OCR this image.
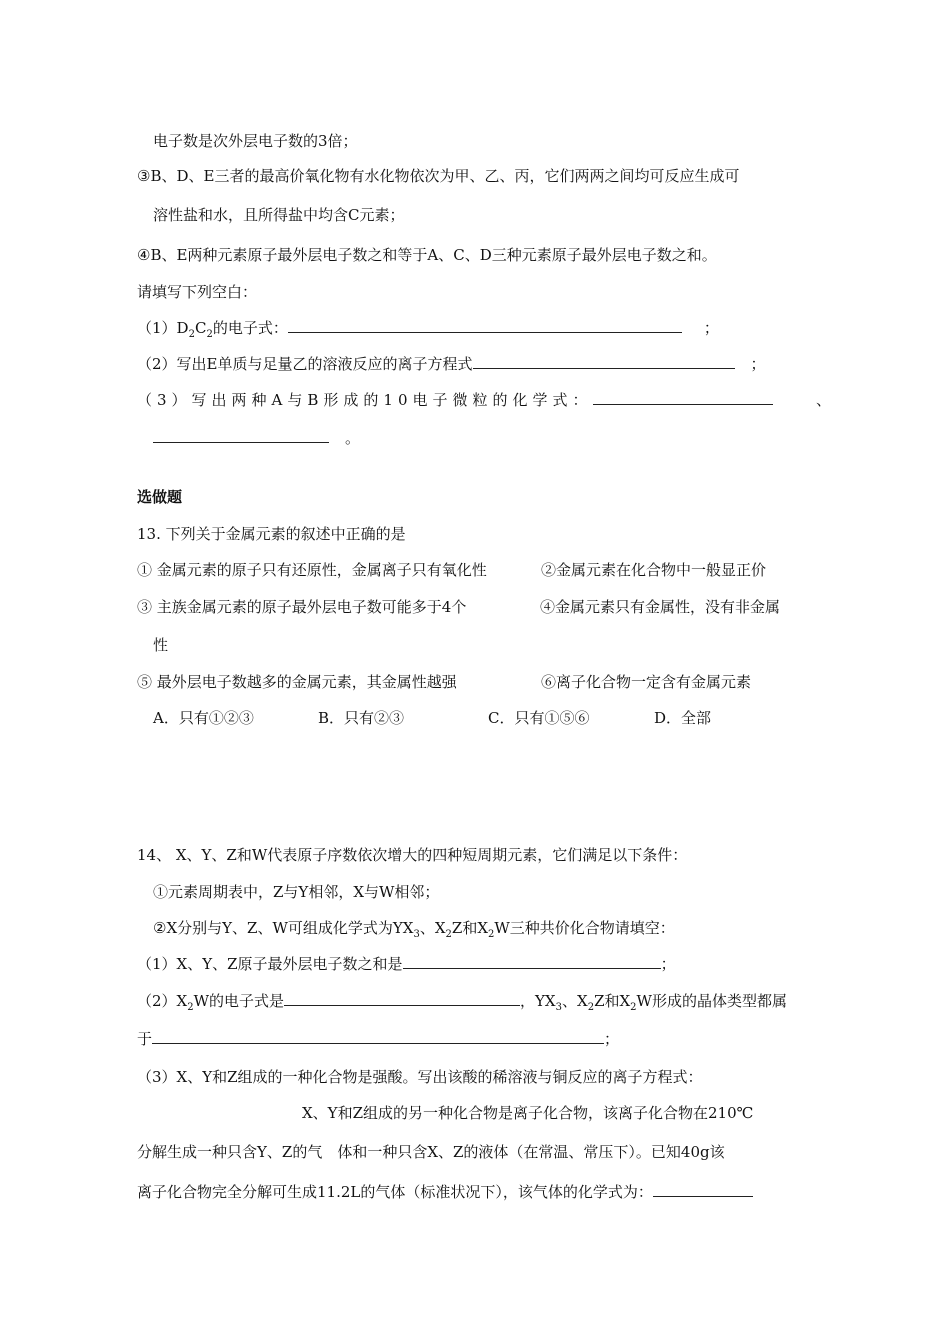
电子数是次外层电子数的3倍；
③B、D、E三者的最高价氧化物有水化物依次为甲、乙、丙，它们两两之间均可反应生成可
溶性盐和水，且所得盐中均含C元素；
④B、E两种元素原子最外层电子数之和等于A、C、D三种元素原子最外层电子数之和。
请填写下列空白：
$(1)D_2C_2$的电子式：	；
（2）写出E单质与足量乙的溶液反应的离子方程式	；
（3）写出两种A与B形成的10电子微粒的化学式：	、
。
选做题
13. 下列关于金属元素的叙述中正确的是
① 金属元素的原子只有还原性，金属离子只有氧化性	②金属元素在化合物中一般显正价
③ 主族金属元素的原子最外层电子数可能多于4个	④金属元素只有金属性，没有非金属
性
⑤ 最外层电子数越多的金属元素，其金属性越强	⑥离子化合物一定含有金属元素
A．只有①②③	B．只有②③	C．只有①⑤⑥	D．全部
14、 X、Y、Z和W代表原子序数依次增大的四种短周期元素，它们满足以下条件：
①元素周期表中，Z与Y相邻，X与W相邻；
②X分别与Y、Z、W可组成化学式为$YX_3$、$X_2Z$和$X_2W$三种共价化合物请填空：
（1）X、Y、Z原子最外层电子数之和是	；
$(2)X_2W$的电子式是	，$YX_3$、$X_2Z$和$X_2W$形成的晶体类型都属
于	；
（3）X、Y和Z组成的一种化合物是强酸。写出该酸的稀溶液与铜反应的离子方程式：
X、Y和Z组成的另一种化合物是离子化合物，该离子化合物在210℃
分解生成一种只含Y、Z的气　体和一种只含X、Z的液体（在常温、常压下）。已知40g该
离子化合物完全分解可生成11.2L的气体（标准状况下），该气体的化学式为：
